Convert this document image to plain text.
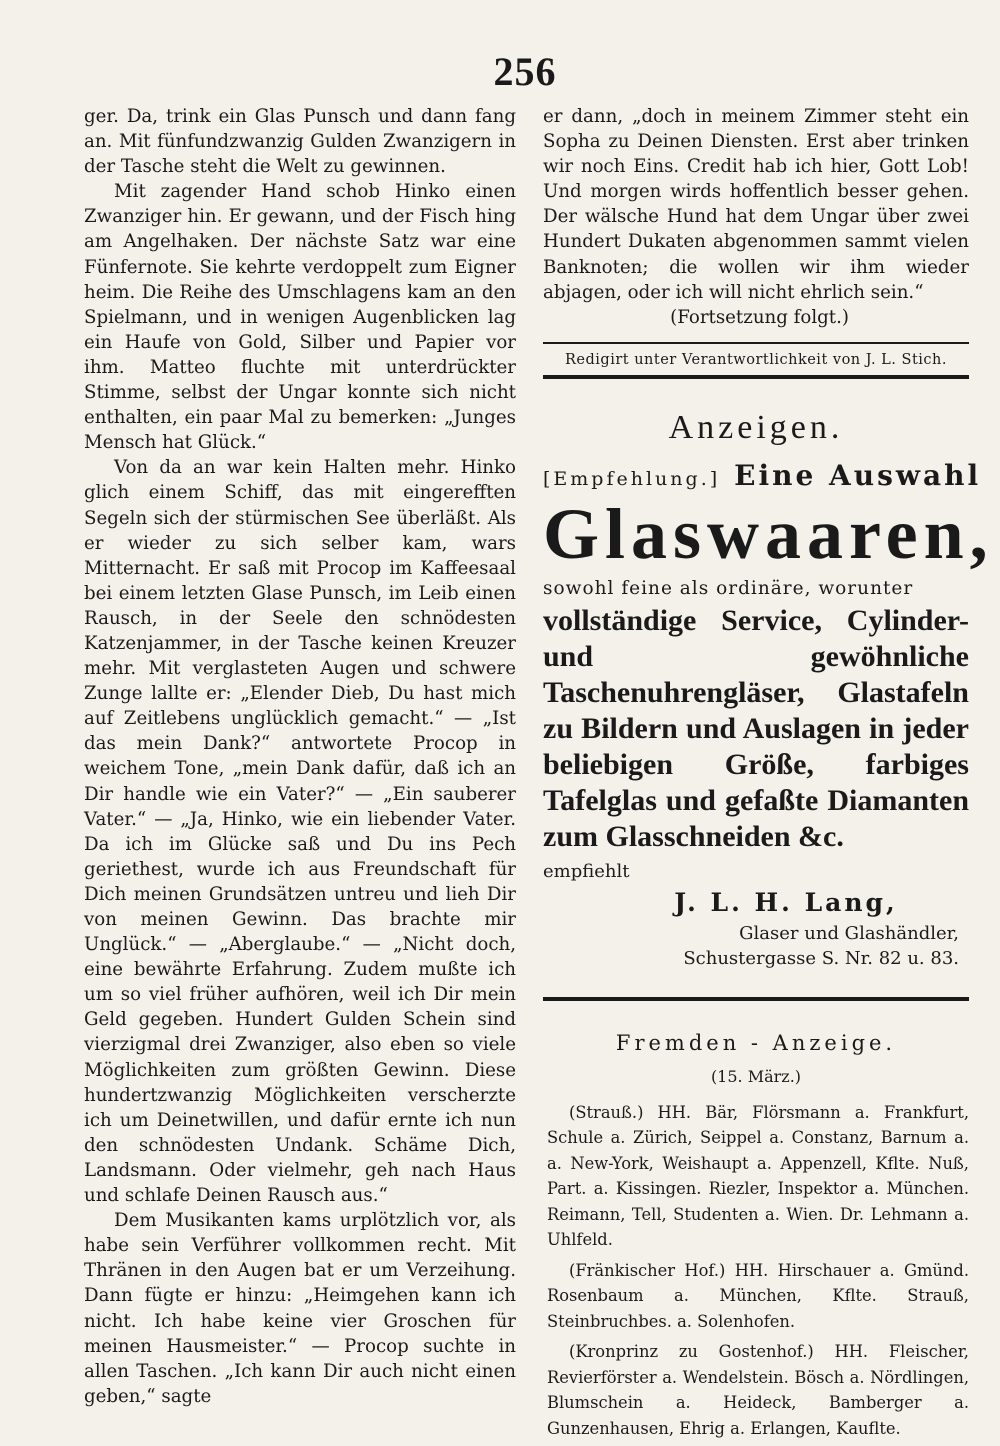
256

ger. Da, trink ein Glas Punsch und dann fang an. Mit fünfundzwanzig Gulden Zwanzigern in der Tasche steht die Welt zu gewinnen.

Mit zagender Hand schob Hinko einen Zwanziger hin. Er gewann, und der Fisch hing am Angelhaken. Der nächste Satz war eine Fünfernote. Sie kehrte verdoppelt zum Eigner heim. Die Reihe des Umschlagens kam an den Spielmann, und in wenigen Augenblicken lag ein Haufe von Gold, Silber und Papier vor ihm. Matteo fluchte mit unterdrückter Stimme, selbst der Ungar konnte sich nicht enthalten, ein paar Mal zu bemerken: „Junges Mensch hat Glück.“

Von da an war kein Halten mehr. Hinko glich einem Schiff, das mit eingerefften Segeln sich der stürmischen See überläßt. Als er wieder zu sich selber kam, wars Mitternacht. Er saß mit Procop im Kaffeesaal bei einem letzten Glase Punsch, im Leib einen Rausch, in der Seele den schnödesten Katzenjammer, in der Tasche keinen Kreuzer mehr. Mit verglasteten Augen und schwere Zunge lallte er: „Elender Dieb, Du hast mich auf Zeitlebens unglücklich gemacht.“ — „Ist das mein Dank?“ antwortete Procop in weichem Tone, „mein Dank dafür, daß ich an Dir handle wie ein Vater?“ — „Ein sauberer Vater.“ — „Ja, Hinko, wie ein liebender Vater. Da ich im Glücke saß und Du ins Pech geriethest, wurde ich aus Freundschaft für Dich meinen Grundsätzen untreu und lieh Dir von meinen Gewinn. Das brachte mir Unglück.“ — „Aberglaube.“ — „Nicht doch, eine bewährte Erfahrung. Zudem mußte ich um so viel früher aufhören, weil ich Dir mein Geld gegeben. Hundert Gulden Schein sind vierzigmal drei Zwanziger, also eben so viele Möglichkeiten zum größten Gewinn. Diese hundertzwanzig Möglichkeiten verscherzte ich um Deinetwillen, und dafür ernte ich nun den schnödesten Undank. Schäme Dich, Landsmann. Oder vielmehr, geh nach Haus und schlafe Deinen Rausch aus.“

Dem Musikanten kams urplötzlich vor, als habe sein Verführer vollkommen recht. Mit Thränen in den Augen bat er um Verzeihung. Dann fügte er hinzu: „Heimgehen kann ich nicht. Ich habe keine vier Groschen für meinen Hausmeister.“ — Procop suchte in allen Taschen. „Ich kann Dir auch nicht einen geben,“ sagte

er dann, „doch in meinem Zimmer steht ein Sopha zu Deinen Diensten. Erst aber trinken wir noch Eins. Credit hab ich hier, Gott Lob! Und morgen wirds hoffentlich besser gehen. Der wälsche Hund hat dem Ungar über zwei Hundert Dukaten abgenommen sammt vielen Banknoten; die wollen wir ihm wieder abjagen, oder ich will nicht ehrlich sein.“

(Fortsetzung folgt.)

Redigirt unter Verantwortlichkeit von J. L. Stich.

Anzeigen.

[Empfehlung.] Eine Auswahl

Glaswaaren,

sowohl feine als ordinäre, worunter

vollständige Service, Cylinder- und gewöhnliche Taschenuhrengläser, Glastafeln zu Bildern und Auslagen in jeder beliebigen Größe, farbiges Tafelglas und gefaßte Diamanten zum Glasschneiden &c.

empfiehlt

J. L. H. Lang,

Glaser und Glashändler,

Schustergasse S. Nr. 82 u. 83.

Fremden - Anzeige.
(15. März.)

(Strauß.) HH. Bär, Flörsmann a. Frankfurt, Schule a. Zürich, Seippel a. Constanz, Barnum a. a. New-York, Weishaupt a. Appenzell, Kflte. Nuß, Part. a. Kissingen. Riezler, Inspektor a. München. Reimann, Tell, Studenten a. Wien. Dr. Lehmann a. Uhlfeld.

(Fränkischer Hof.) HH. Hirschauer a. Gmünd. Rosenbaum a. München, Kflte. Strauß, Steinbruchbes. a. Solenhofen.

(Kronprinz zu Gostenhof.) HH. Fleischer, Revierförster a. Wendelstein. Bösch a. Nördlingen, Blumschein a. Heideck, Bamberger a. Gunzenhausen, Ehrig a. Erlangen, Kauflte.
